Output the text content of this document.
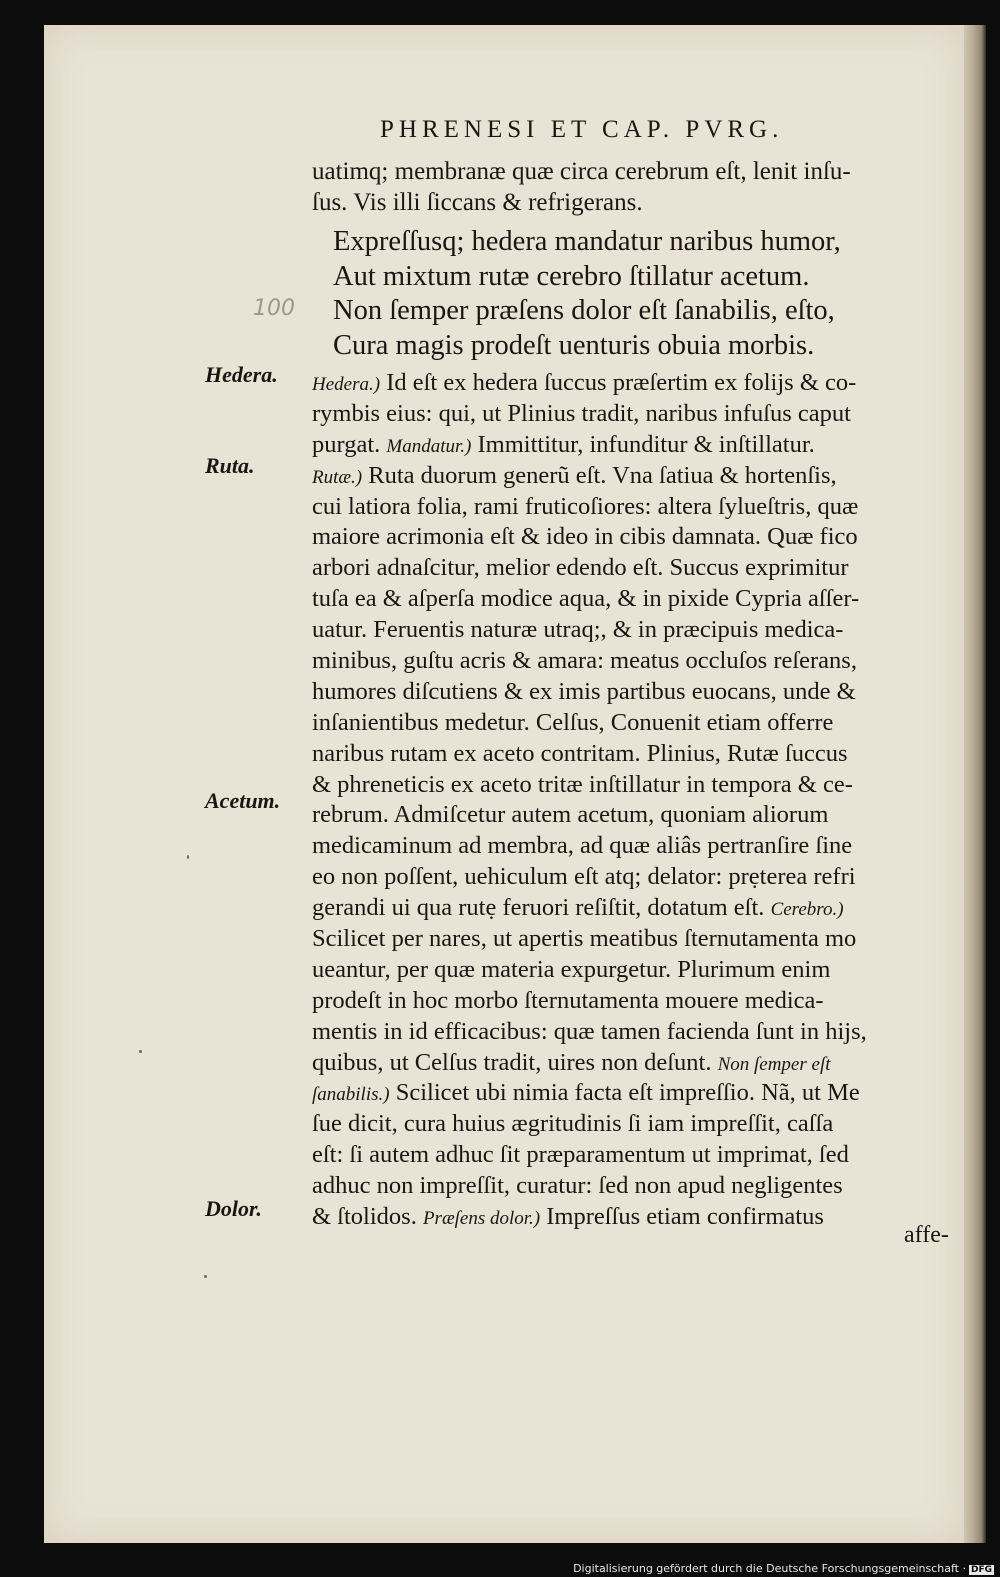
PHRENESI ET CAP. PVRG.
uatimq; membranæ quæ circa cerebrum eſt, lenit inſu-
ſus. Vis illi ſiccans & refrigerans.
Expreſſusq; hedera mandatur naribus humor,
Aut mixtum rutæ cerebro ſtillatur acetum.
Non ſemper præſens dolor eſt ſanabilis, eſto,
Cura magis prodeſt uenturis obuia morbis.
100
Hedera.
Ruta.
Acetum.
Dolor.
Hedera.) Id eſt ex hedera ſuccus præſertim ex folijs & co-
rymbis eius: qui, ut Plinius tradit, naribus infuſus caput
purgat. Mandatur.) Immittitur, infunditur & inſtillatur.
Rutæ.) Ruta duorum generũ eſt. Vna ſatiua & hortenſis,
cui latiora folia, rami fruticoſiores: altera ſylueſtris, quæ
maiore acrimonia eſt & ideo in cibis damnata. Quæ fico
arbori adnaſcitur, melior edendo eſt. Succus exprimitur
tuſa ea & aſperſa modice aqua, & in pixide Cypria aſſer-
uatur. Feruentis naturæ utraq;, & in præcipuis medica-
minibus, guſtu acris & amara: meatus occluſos reſerans,
humores diſcutiens & ex imis partibus euocans, unde &
inſanientibus medetur. Celſus, Conuenit etiam offerre
naribus rutam ex aceto contritam. Plinius, Rutæ ſuccus
& phreneticis ex aceto tritæ inſtillatur in tempora & ce-
rebrum. Admiſcetur autem acetum, quoniam aliorum
medicaminum ad membra, ad quæ aliâs pertranſire ſine
eo non poſſent, uehiculum eſt atq; delator: prẹterea refri
gerandi ui qua rutẹ feruori reſiſtit, dotatum eſt. Cerebro.)
Scilicet per nares, ut apertis meatibus ſternutamenta mo
ueantur, per quæ materia expurgetur. Plurimum enim
prodeſt in hoc morbo ſternutamenta mouere medica-
mentis in id efficacibus: quæ tamen facienda ſunt in hijs,
quibus, ut Celſus tradit, uires non deſunt. Non ſemper eſt
ſanabilis.) Scilicet ubi nimia facta eſt impreſſio. Nã, ut Me
ſue dicit, cura huius ægritudinis ſi iam impreſſit, caſſa
eſt: ſi autem adhuc ſit præparamentum ut imprimat, ſed
adhuc non impreſſit, curatur: ſed non apud negligentes
& ſtolidos. Præſens dolor.) Impreſſus etiam confirmatus
affe-
Digitalisierung gefördert durch die Deutsche Forschungsgemeinschaft · DFG
